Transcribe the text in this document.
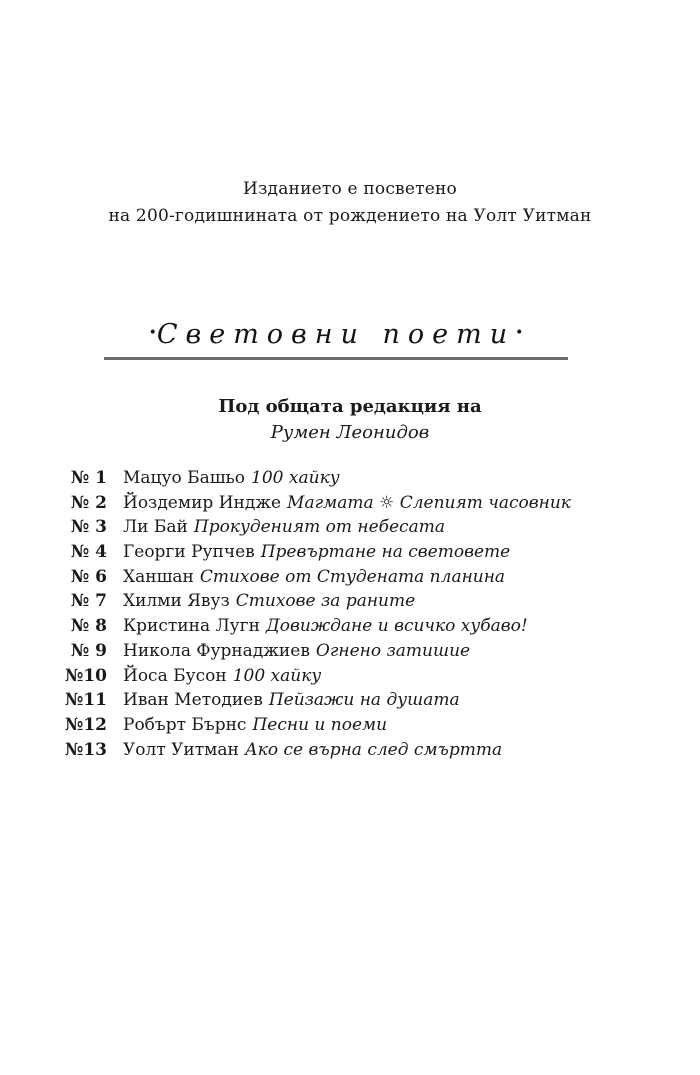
Изданието е посветено
на 200-годишнината от рождението на Уолт Уитман
•Световни поети•
Под общата редакция на
Румен Леонидов
№ 1 Мацуо Башьо 100 хайку
№ 2 Йоздемир Индже Магмата ☼ Слепият часовник
№ 3 Ли Бай Прокуденият от небесата
№ 4 Георги Рупчев Превъртане на световете
№ 6 Ханшан Стихове от Студената планина
№ 7 Хилми Явуз Стихове за раните
№ 8 Кристина Лугн Довиждане и всичко хубаво!
№ 9 Никола Фурнаджиев Огнено затишие
№10 Йоса Бусон 100 хайку
№11 Иван Методиев Пейзажи на душата
№12 Робърт Бърнс Песни и поеми
№13 Уолт Уитман Ако се върна след смъртта
